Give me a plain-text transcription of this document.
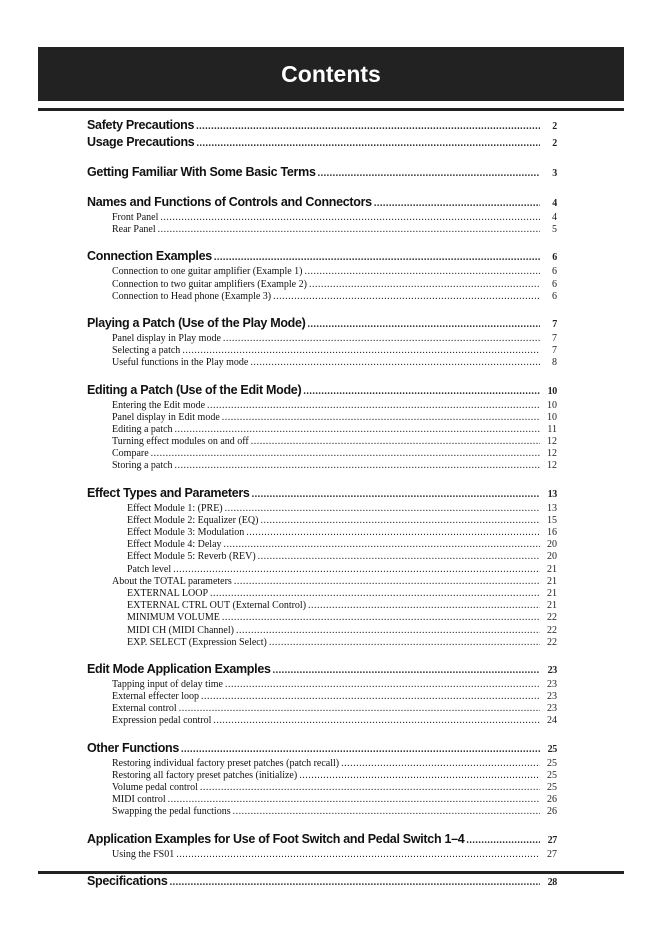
Contents
Safety Precautions .....	2
Usage Precautions .....	2
Getting Familiar With Some Basic Terms .....	3
Names and Functions of Controls and Connectors .....	4
Front Panel .....	4
Rear Panel .....	5
Connection Examples .....	6
Connection to one guitar amplifier (Example 1) .....	6
Connection to two guitar amplifiers (Example 2) .....	6
Connection to Head phone (Example 3) .....	6
Playing a Patch (Use of the Play Mode) .....	7
Panel display in Play mode .....	7
Selecting a patch .....	7
Useful functions in the Play mode .....	8
Editing a Patch (Use of the Edit Mode) .....	10
Entering the Edit mode .....	10
Panel display in Edit mode .....	10
Editing a patch .....	11
Turning effect modules on and off .....	12
Compare .....	12
Storing a patch .....	12
Effect Types and Parameters .....	13
Effect Module 1: (PRE) .....	13
Effect Module 2: Equalizer (EQ) .....	15
Effect Module 3: Modulation .....	16
Effect Module 4: Delay .....	20
Effect Module 5: Reverb (REV) .....	20
Patch level .....	21
About the TOTAL parameters .....	21
EXTERNAL LOOP .....	21
EXTERNAL CTRL OUT (External Control) .....	21
MINIMUM VOLUME .....	22
MIDI CH (MIDI Channel) .....	22
EXP. SELECT (Expression Select) .....	22
Edit Mode Application Examples .....	23
Tapping input of delay time .....	23
External effecter loop .....	23
External control .....	23
Expression pedal control .....	24
Other Functions .....	25
Restoring individual factory preset patches (patch recall) .....	25
Restoring all factory preset patches (initialize) .....	25
Volume pedal control .....	25
MIDI control .....	26
Swapping the pedal functions .....	26
Application Examples for Use of Foot Switch and Pedal Switch 1–4 .....	27
Using the FS01 .....	27
Specifications .....	28
